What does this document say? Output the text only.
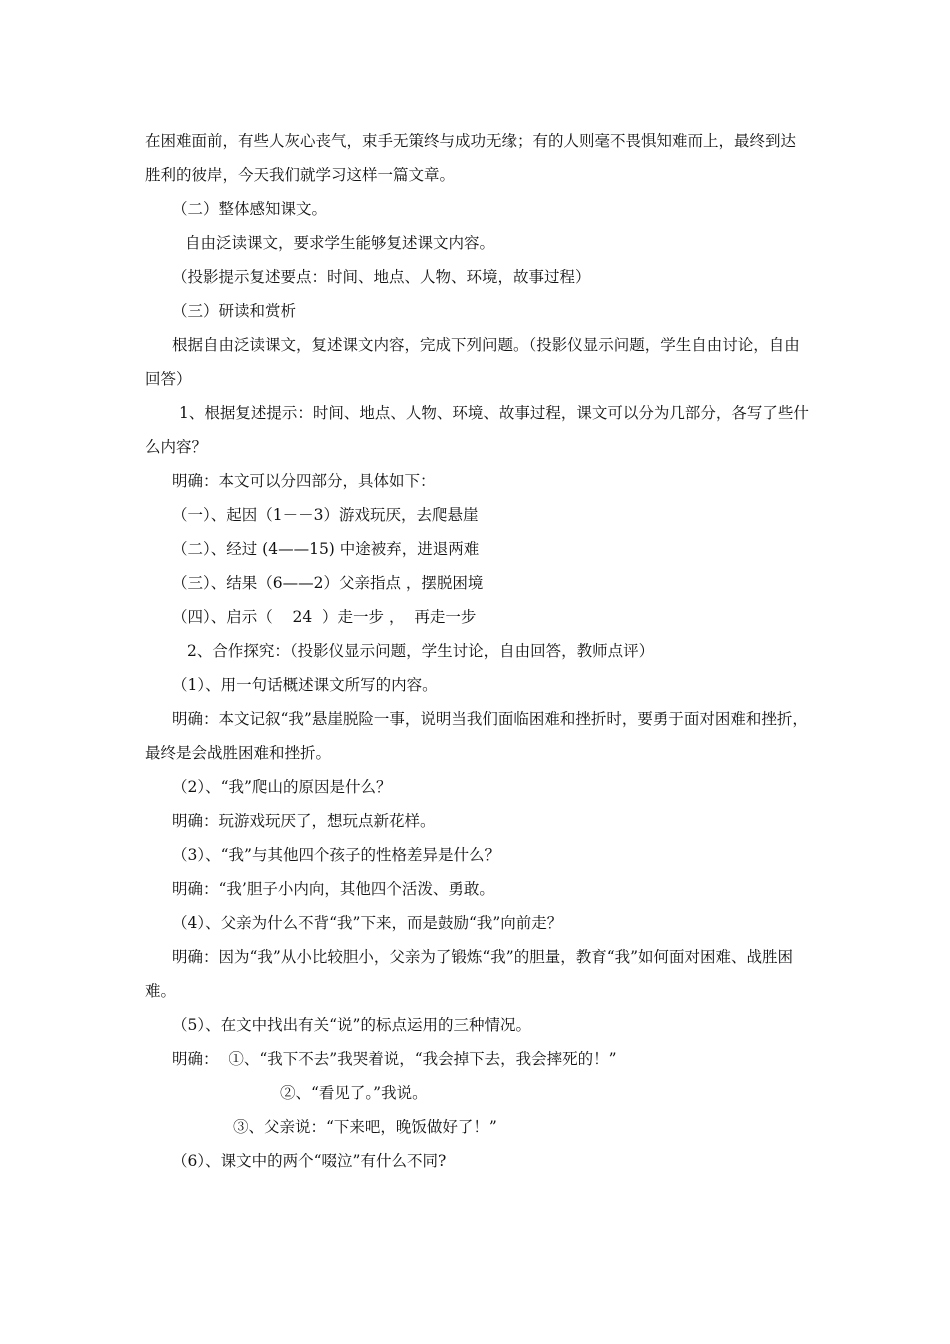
在困难面前，有些人灰心丧气，束手无策终与成功无缘；有的人则毫不畏惧知难而上，最终到达胜利的彼岸，今天我们就学习这样一篇文章。

（二）整体感知课文。

自由泛读课文，要求学生能够复述课文内容。

（投影提示复述要点：时间、地点、人物、环境，故事过程）

（三）研读和赏析

根据自由泛读课文，复述课文内容，完成下列问题。（投影仪显示问题，学生自由讨论，自由回答）

1、根据复述提示：时间、地点、人物、环境、故事过程，课文可以分为几部分，各写了些什么内容？

明确：本文可以分四部分，具体如下：

（一）、起因（1－－3）游戏玩厌，去爬悬崖

（二）、经过 (4——15) 中途被弃，进退两难

（三）、结果（6——2）父亲指点 ，摆脱困境

（四）、启示（    24  ）走一步 ，  再走一步

2、合作探究：（投影仪显示问题，学生讨论，自由回答，教师点评）

（1）、用一句话概述课文所写的内容。

明确：本文记叙“我”悬崖脱险一事，说明当我们面临困难和挫折时，要勇于面对困难和挫折，最终是会战胜困难和挫折。

（2）、“我”爬山的原因是什么？

明确：玩游戏玩厌了，想玩点新花样。

（3）、“我”与其他四个孩子的性格差异是什么？

明确：“我’胆子小内向，其他四个活泼、勇敢。

（4）、父亲为什么不背“我”下来，而是鼓励“我”向前走？

明确：因为“我”从小比较胆小，父亲为了锻炼“我”的胆量，教育“我”如何面对困难、战胜困难。

（5）、在文中找出有关“说”的标点运用的三种情况。

明确：  ①、“我下不去”我哭着说，“我会掉下去，我会摔死的！”

②、“看见了。”我说。

③、父亲说：“下来吧，晚饭做好了！”

（6）、课文中的两个“啜泣”有什么不同?
